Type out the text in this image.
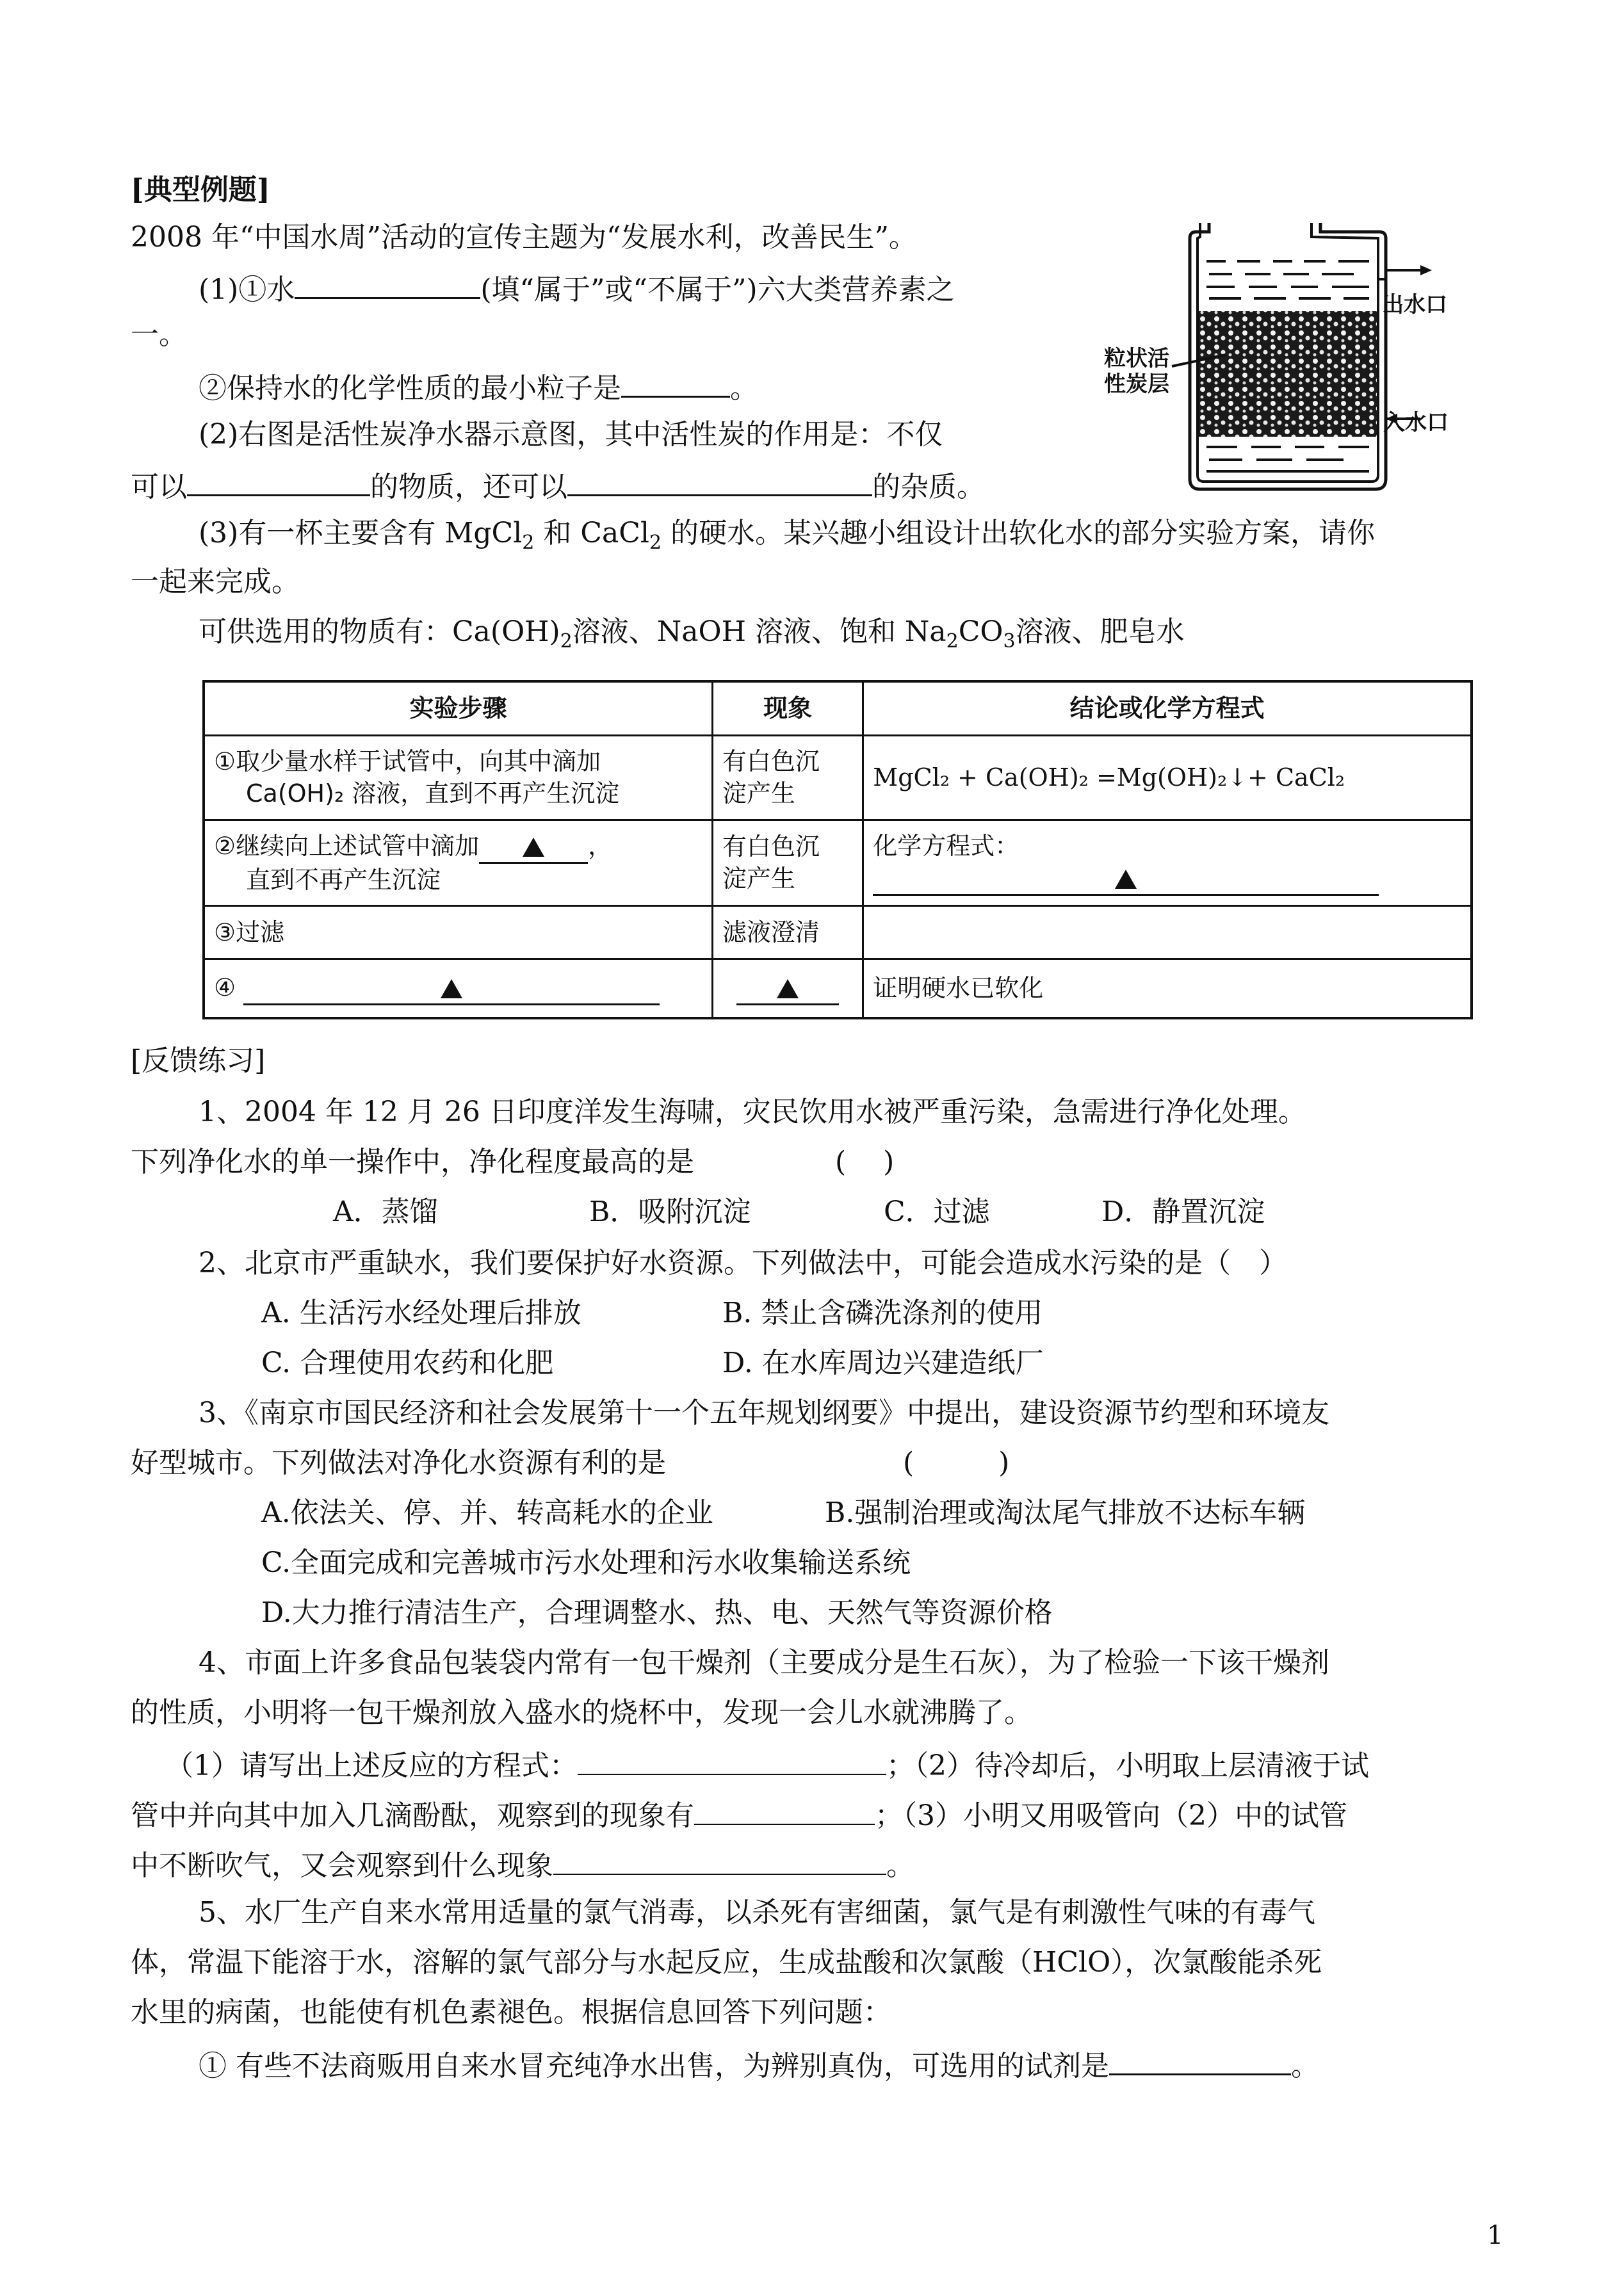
[典型例题]
2008 年“中国水周”活动的宣传主题为“发展水利，改善民生”。
(1)①水	(填“属于”或“不属于”)六大类营养素之
一。
②保持水的化学性质的最小粒子是	。
(2)右图是活性炭净水器示意图，其中活性炭的作用是：不仅
可以	的物质，还可以	的杂质。
(3)有一杯主要含有 MgCl$_2$ 和 CaCl$_2$ 的硬水。某兴趣小组设计出软化水的部分实验方案，请你
一起来完成。
可供选用的物质有：$Ca(OH)_2$溶液、NaOH 溶液、饱和 $Na_2CO_3$溶液、肥皂水
粒状活
性炭层
出水口
入水口
实验步骤	现象	结论或化学方程式
①取少量水样于试管中，向其中滴加
Ca(OH)₂ 溶液，直到不再产生沉淀	有白色沉
淀产生	MgCl₂ + Ca(OH)₂ =Mg(OH)₂↓+ CaCl₂
②继续向上述试管中滴加 ，
直到不再产生沉淀	有白色沉
淀产生	化学方程式：

③过滤	滤液澄清	
④		证明硬水已软化
[反馈练习]
1、2004 年 12 月 26 日印度洋发生海啸，灾民饮用水被严重污染，急需进行净化处理。
下列净化水的单一操作中，净化程度最高的是	(　 )
A．蒸馏	B．吸附沉淀	C．过滤	D．静置沉淀
2、北京市严重缺水，我们要保护好水资源。下列做法中，可能会造成水污染的是（　）
A. 生活污水经处理后排放	B. 禁止含磷洗涤剂的使用
C. 合理使用农药和化肥	D. 在水库周边兴建造纸厂
3、《南京市国民经济和社会发展第十一个五年规划纲要》中提出，建设资源节约型和环境友
好型城市。下列做法对净化水资源有利的是	(　　　)
A.依法关、停、并、转高耗水的企业	B.强制治理或淘汰尾气排放不达标车辆
C.全面完成和完善城市污水处理和污水收集输送系统
D.大力推行清洁生产，合理调整水、热、电、天然气等资源价格
4、市面上许多食品包装袋内常有一包干燥剂（主要成分是生石灰），为了检验一下该干燥剂
的性质，小明将一包干燥剂放入盛水的烧杯中，发现一会儿水就沸腾了。
（1）请写出上述反应的方程式：	；（2）待冷却后，小明取上层清液于试
管中并向其中加入几滴酚酞，观察到的现象有	；（3）小明又用吸管向（2）中的试管
中不断吹气，又会观察到什么现象	。
5、水厂生产自来水常用适量的氯气消毒，以杀死有害细菌，氯气是有刺激性气味的有毒气
体，常温下能溶于水，溶解的氯气部分与水起反应，生成盐酸和次氯酸（HClO），次氯酸能杀死
水里的病菌，也能使有机色素褪色。根据信息回答下列问题：
① 有些不法商贩用自来水冒充纯净水出售，为辨别真伪，可选用的试剂是	。
1
